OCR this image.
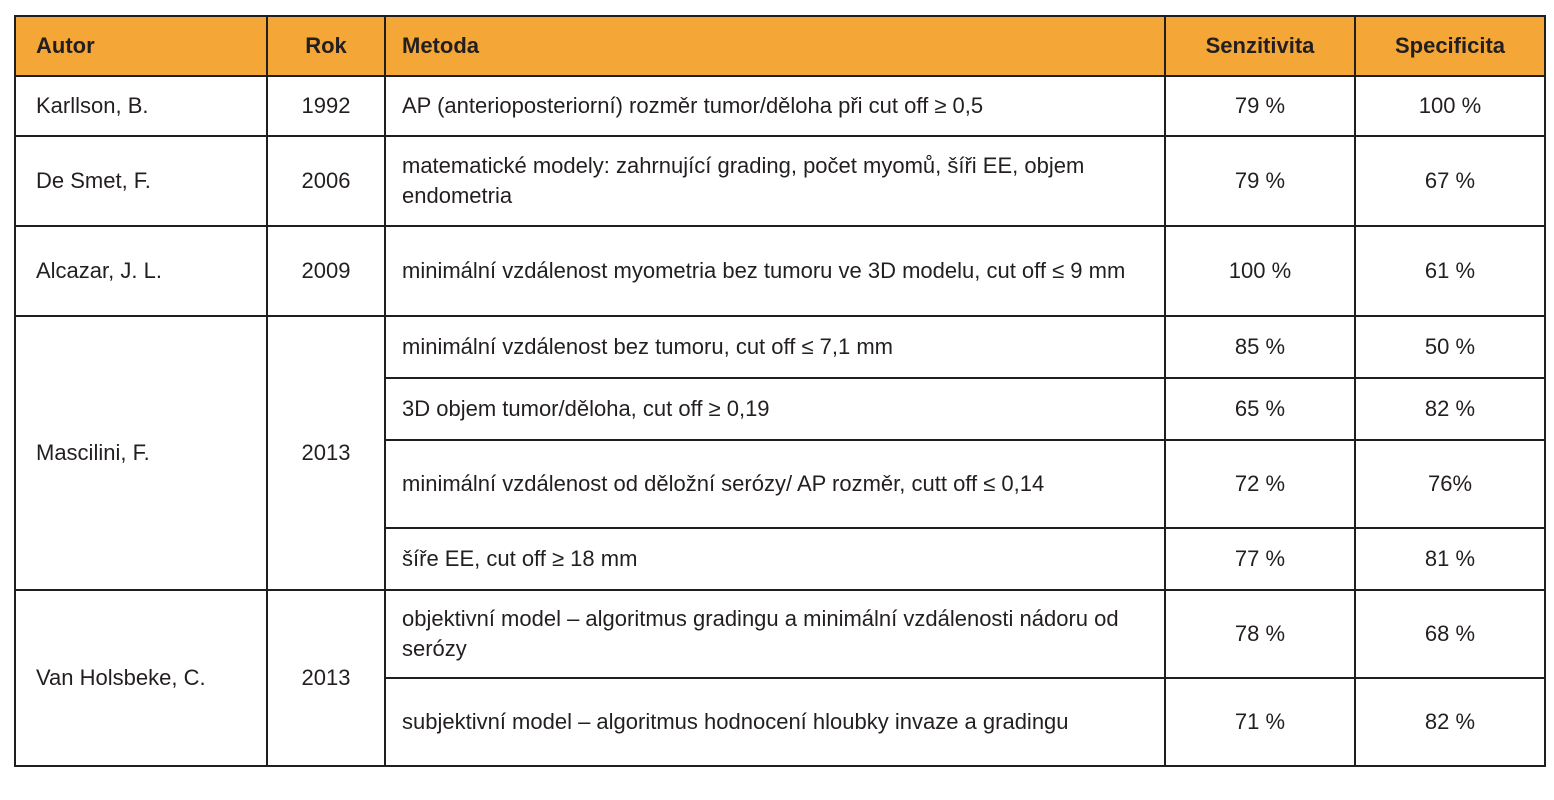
Autor	Rok	Metoda	Senzitivita	Specificita
Karllson, B.	1992	AP (anterioposteriorní) rozměr tumor/děloha při cut off ≥ 0,5	79 %	100 %
De Smet, F.	2006	matematické modely: zahrnující grading, počet myomů, šíři EE, objem endometria	79 %	67 %
Alcazar, J. L.	2009	minimální vzdálenost myometria bez tumoru ve 3D modelu, cut off ≤ 9 mm	100 %	61 %
Mascilini, F.	2013	minimální vzdálenost bez tumoru, cut off ≤ 7,1 mm	85 %	50 %
		3D objem tumor/děloha, cut off ≥ 0,19	65 %	82 %
		minimální vzdálenost od děložní serózy/ AP rozměr, cutt off ≤ 0,14	72 %	76%
		šíře EE, cut off ≥ 18 mm	77 %	81 %
Van Holsbeke, C.	2013	objektivní model – algoritmus gradingu a minimální vzdálenosti nádoru od serózy	78 %	68 %
		subjektivní model – algoritmus hodnocení hloubky invaze a gradingu	71 %	82 %
